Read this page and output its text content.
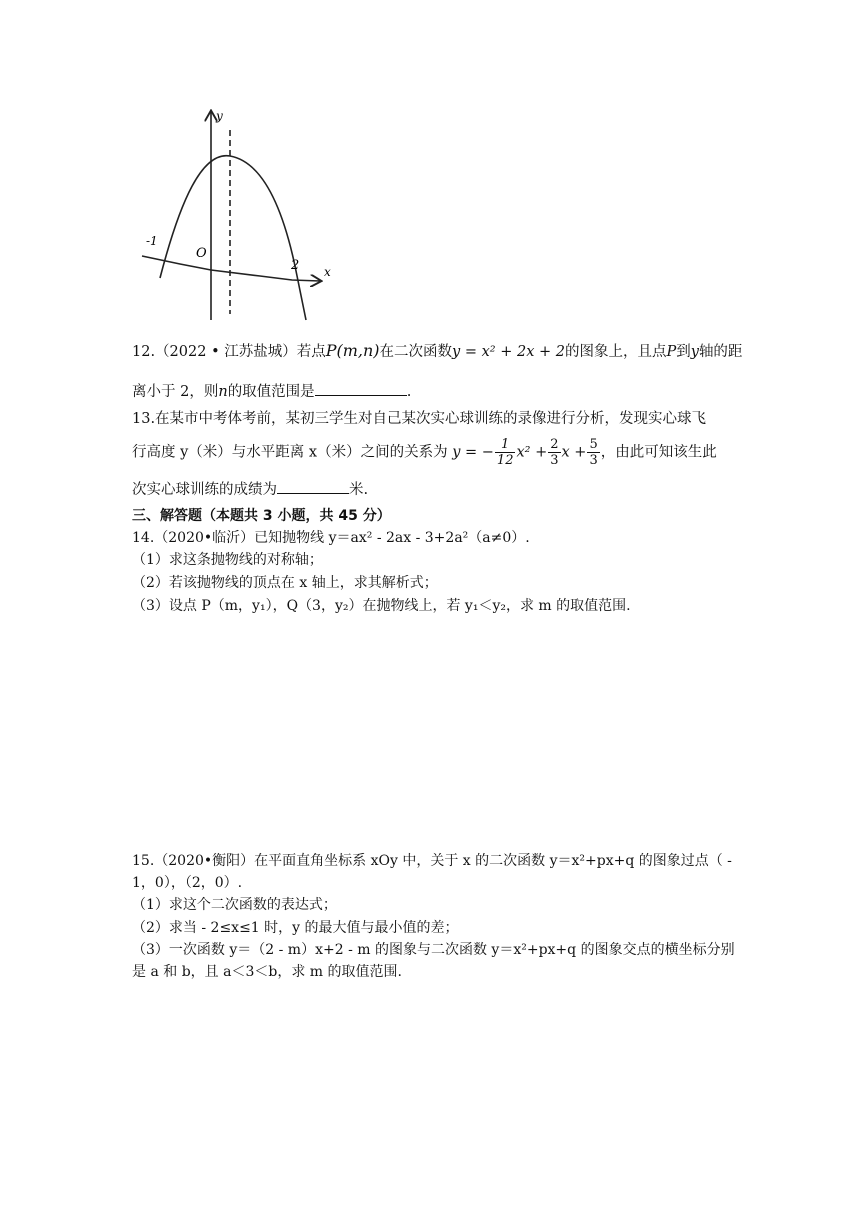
y
x
O
-1
2
12.（2022 • 江苏盐城）若点P(m,n)在二次函数y = x² + 2x + 2的图象上，且点P到y轴的距
离小于 2，则n的取值范围是	.
13.在某市中考体考前，某初三学生对自己某次实心球训练的录像进行分析，发现实心球飞
行高度 y（米）与水平距离 x（米）之间的关系为 y = − $\frac{1}{12} x^2 + \frac{2}{3}$ $x + \frac{5}{3}$ ，由此可知该生此
次实心球训练的成绩为	米.
三、解答题（本题共 3 小题，共 45 分）
14.（2020•临沂）已知抛物线 y＝ax² - 2ax - 3+2a²（a≠0）.
（1）求这条抛物线的对称轴；
（2）若该抛物线的顶点在 x 轴上，求其解析式；
（3）设点 P（m，y₁），Q（3，y₂）在抛物线上，若 y₁＜y₂，求 m 的取值范围.
15.（2020•衡阳）在平面直角坐标系 xOy 中，关于 x 的二次函数 y＝x²+px+q 的图象过点（ -
1，0），（2，0）.
（1）求这个二次函数的表达式；
（2）求当 - 2≤x≤1 时，y 的最大值与最小值的差；
（3）一次函数 y＝（2 - m）x+2 - m 的图象与二次函数 y＝x²+px+q 的图象交点的横坐标分别
是 a 和 b，且 a＜3＜b，求 m 的取值范围.
